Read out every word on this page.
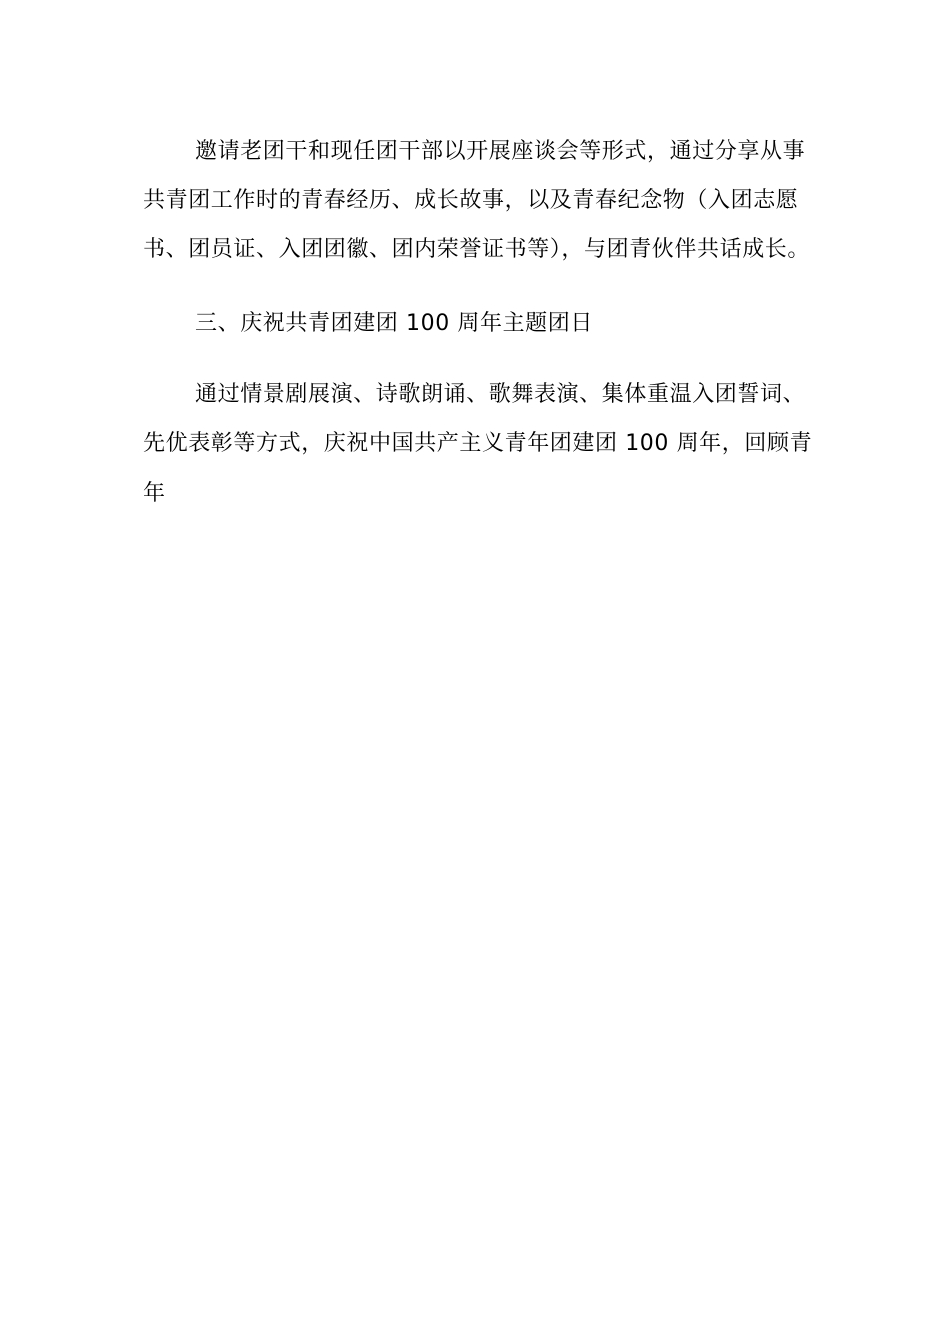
邀请老团干和现任团干部以开展座谈会等形式，通过分享从事
共青团工作时的青春经历、成长故事，以及青春纪念物（入团志愿
书、团员证、入团团徽、团内荣誉证书等），与团青伙伴共话成长。
三、庆祝共青团建团 100 周年主题团日
通过情景剧展演、诗歌朗诵、歌舞表演、集体重温入团誓词、
先优表彰等方式，庆祝中国共产主义青年团建团 100 周年，回顾青
年
